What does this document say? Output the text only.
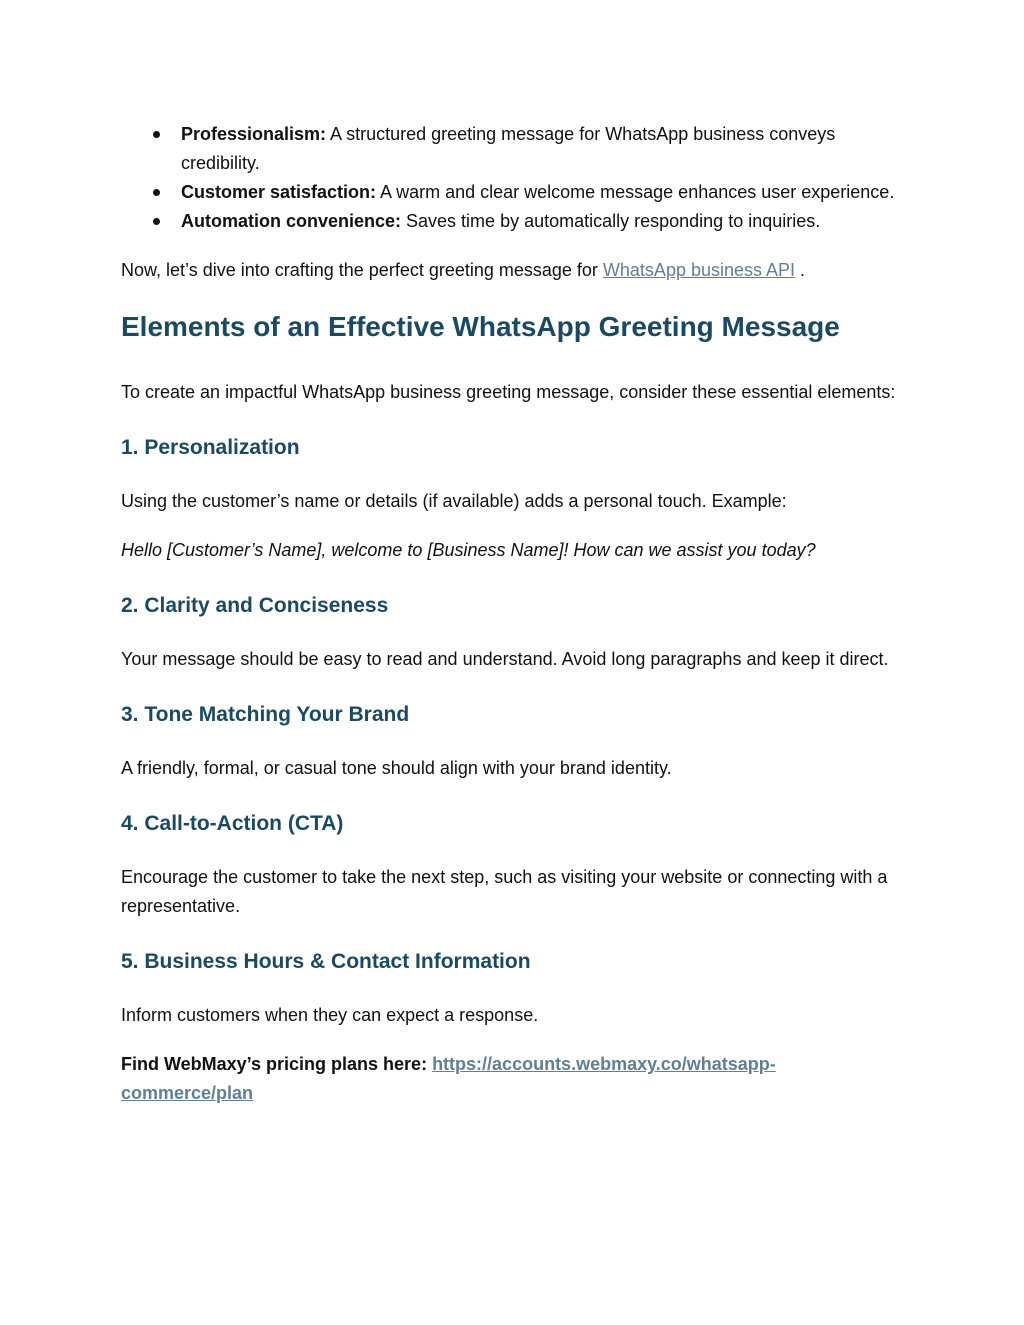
Professionalism: A structured greeting message for WhatsApp business conveys credibility.
Customer satisfaction: A warm and clear welcome message enhances user experience.
Automation convenience: Saves time by automatically responding to inquiries.

Now, let’s dive into crafting the perfect greeting message for WhatsApp business API .

Elements of an Effective WhatsApp Greeting Message

To create an impactful WhatsApp business greeting message, consider these essential elements:

1. Personalization

Using the customer’s name or details (if available) adds a personal touch. Example:

Hello [Customer’s Name], welcome to [Business Name]! How can we assist you today?

2. Clarity and Conciseness

Your message should be easy to read and understand. Avoid long paragraphs and keep it direct.

3. Tone Matching Your Brand

A friendly, formal, or casual tone should align with your brand identity.

4. Call-to-Action (CTA)

Encourage the customer to take the next step, such as visiting your website or connecting with a representative.

5. Business Hours & Contact Information

Inform customers when they can expect a response.

Find WebMaxy’s pricing plans here: https://accounts.webmaxy.co/whatsapp-commerce/plan
